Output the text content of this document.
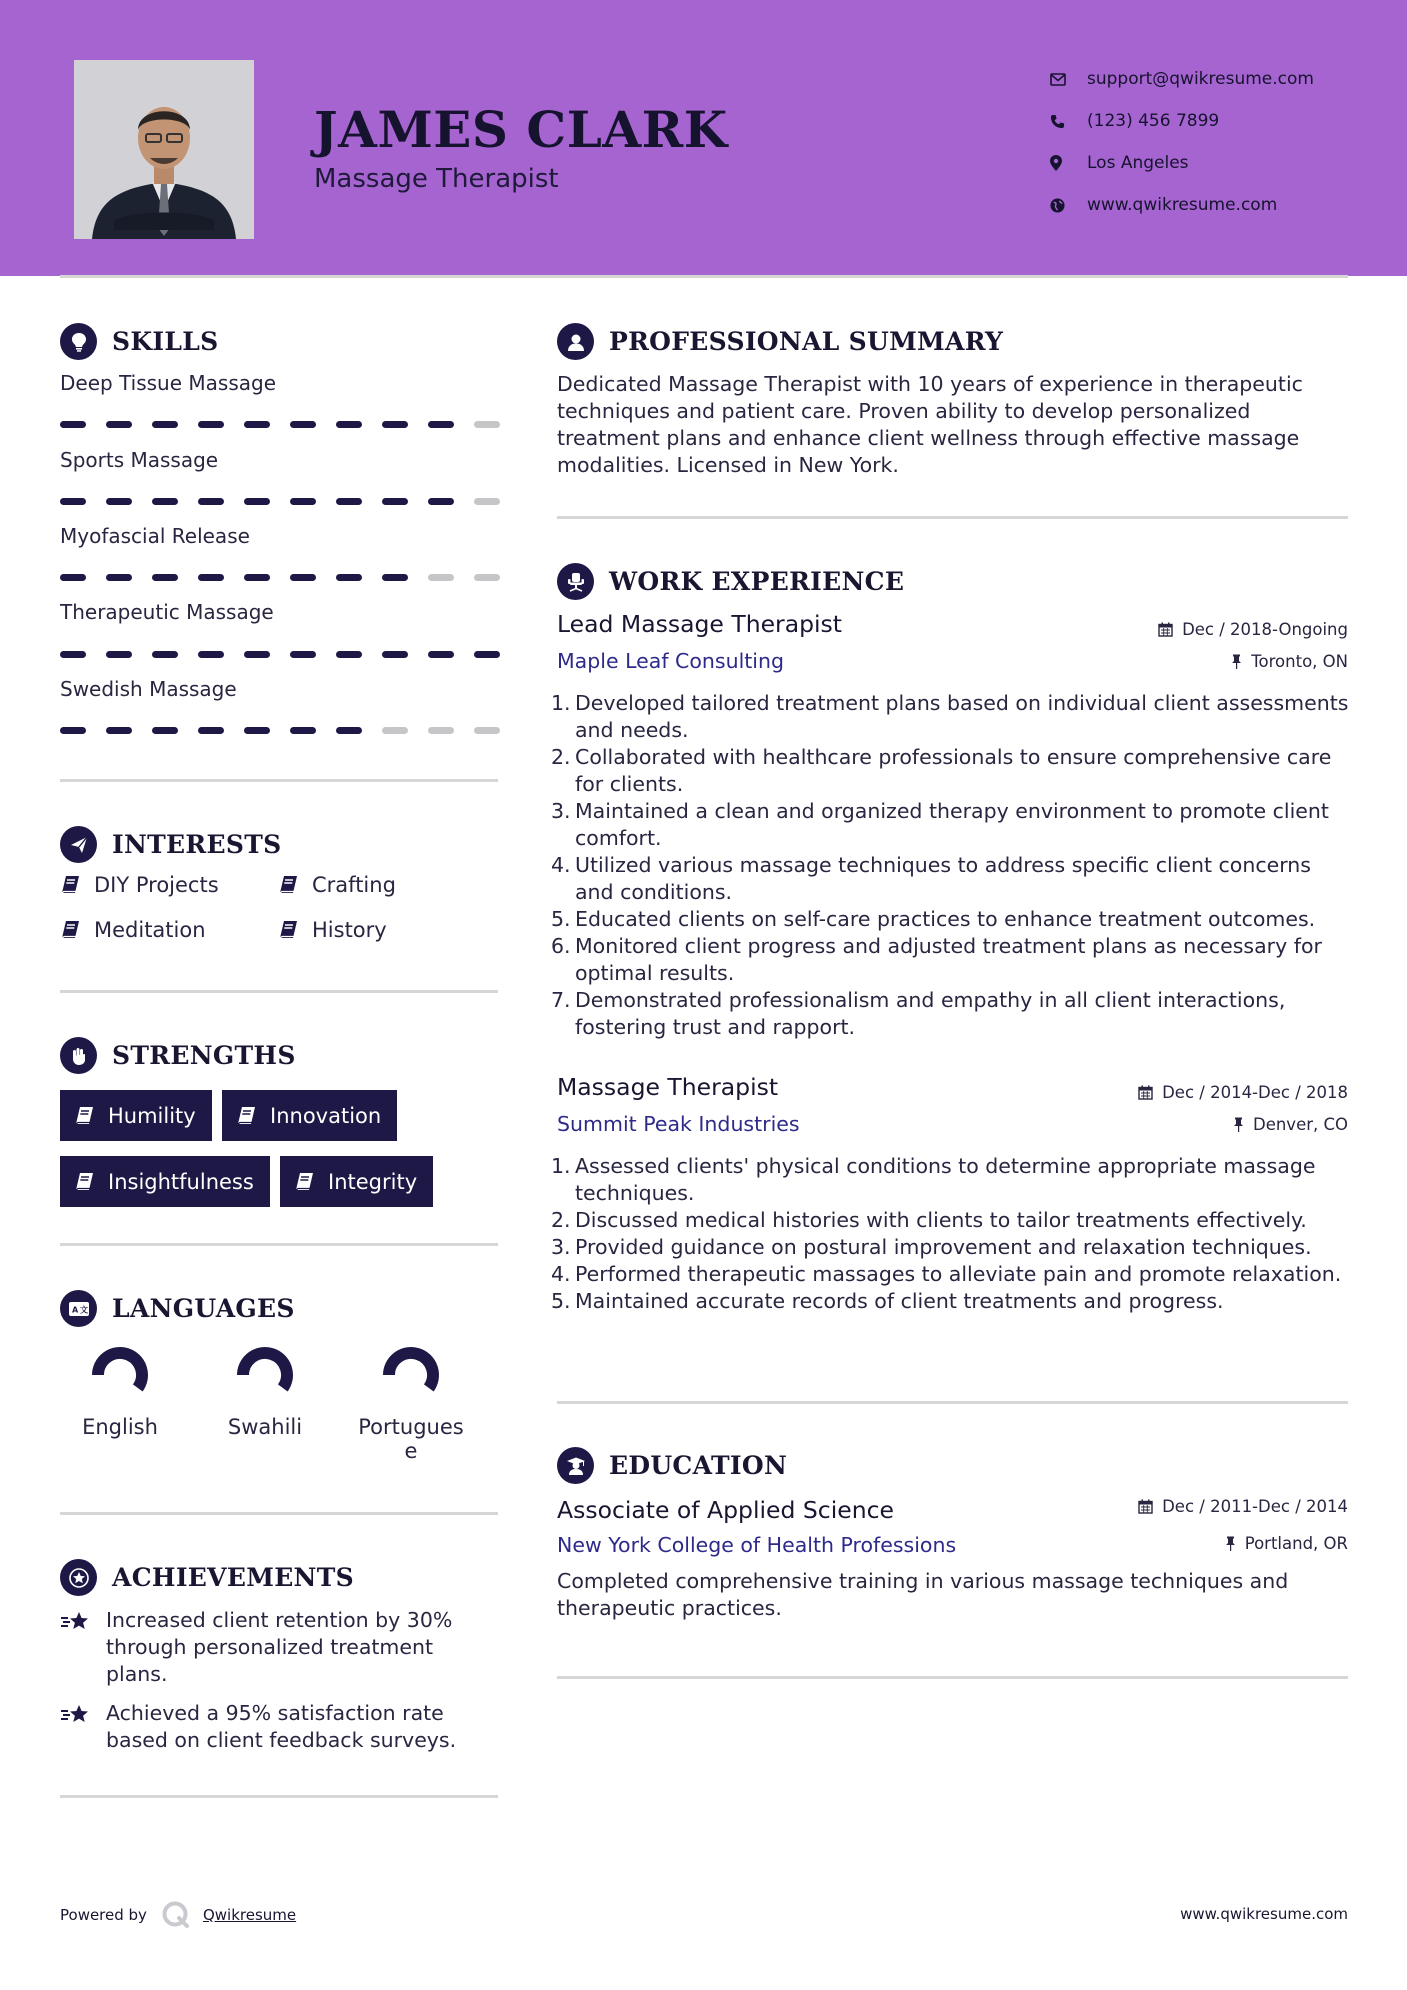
JAMES CLARK
Massage Therapist
support@qwikresume.com
(123) 456 7899
Los Angeles
www.qwikresume.com
SKILLS
Deep Tissue Massage
Sports Massage
Myofascial Release
Therapeutic Massage
Swedish Massage
INTERESTS
DIY Projects	Crafting
Meditation	History
STRENGTHS
Humility	Innovation
Insightfulness	Integrity
A 文 LANGUAGES
English	Swahili	Portugues
e
ACHIEVEMENTS
Increased client retention by 30% through personalized treatment plans.
Achieved a 95% satisfaction rate based on client feedback surveys.
PROFESSIONAL SUMMARY
Dedicated Massage Therapist with 10 years of experience in therapeutic techniques and patient care. Proven ability to develop personalized treatment plans and enhance client wellness through effective massage modalities. Licensed in New York.
WORK EXPERIENCE
Lead Massage Therapist	Dec / 2018-Ongoing
Maple Leaf Consulting	Toronto, ON
Developed tailored treatment plans based on individual client assessments and needs.
Collaborated with healthcare professionals to ensure comprehensive care for clients.
Maintained a clean and organized therapy environment to promote client comfort.
Utilized various massage techniques to address specific client concerns and conditions.
Educated clients on self-care practices to enhance treatment outcomes.
Monitored client progress and adjusted treatment plans as necessary for optimal results.
Demonstrated professionalism and empathy in all client interactions, fostering trust and rapport.
Massage Therapist	Dec / 2014-Dec / 2018
Summit Peak Industries	Denver, CO
Assessed clients' physical conditions to determine appropriate massage techniques.
Discussed medical histories with clients to tailor treatments effectively.
Provided guidance on postural improvement and relaxation techniques.
Performed therapeutic massages to alleviate pain and promote relaxation.
Maintained accurate records of client treatments and progress.
EDUCATION
Associate of Applied Science	Dec / 2011-Dec / 2014
New York College of Health Professions	Portland, OR
Completed comprehensive training in various massage techniques and therapeutic practices.
Powered by	Qwikresume	www.qwikresume.com
